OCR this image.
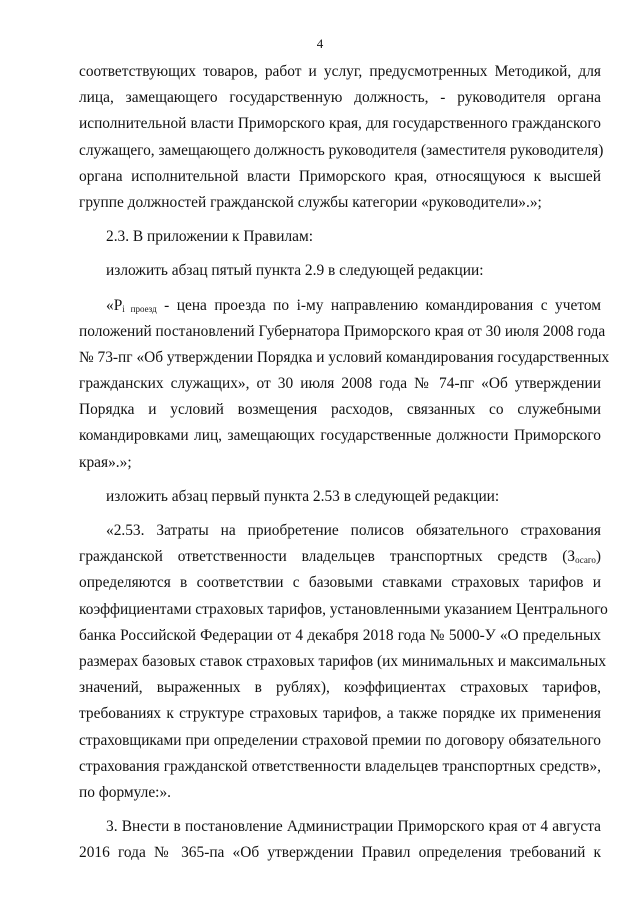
4
соответствующих товаров, работ и услуг, предусмотренных Методикой, для
лица, замещающего государственную должность, - руководителя органа
исполнительной власти Приморского края, для государственного гражданского
служащего, замещающего должность руководителя (заместителя руководителя)
органа исполнительной власти Приморского края, относящуюся к высшей
группе должностей гражданской службы категории «руководители».»;
2.3. В приложении к Правилам:
изложить абзац пятый пункта 2.9 в следующей редакции:
«$P_{i проезд}$ - цена проезда по i-му направлению командирования с учетом
положений постановлений Губернатора Приморского края от 30 июля 2008 года
№ 73-пг «Об утверждении Порядка и условий командирования государственных
гражданских служащих», от 30 июля 2008 года № 74-пг «Об утверждении
Порядка и условий возмещения расходов, связанных со служебными
командировками лиц, замещающих государственные должности Приморского
края».»;
изложить абзац первый пункта 2.53 в следующей редакции:
«2.53. Затраты на приобретение полисов обязательного страхования
гражданской ответственности владельцев транспортных средств $(З_{осаго})$
определяются в соответствии с базовыми ставками страховых тарифов и
коэффициентами страховых тарифов, установленными указанием Центрального
банка Российской Федерации от 4 декабря 2018 года № 5000-У «О предельных
размерах базовых ставок страховых тарифов (их минимальных и максимальных
значений, выраженных в рублях), коэффициентах страховых тарифов,
требованиях к структуре страховых тарифов, а также порядке их применения
страховщиками при определении страховой премии по договору обязательного
страхования гражданской ответственности владельцев транспортных средств»,
по формуле:».
3. Внести в постановление Администрации Приморского края от 4 августа
2016 года № 365-па «Об утверждении Правил определения требований к
